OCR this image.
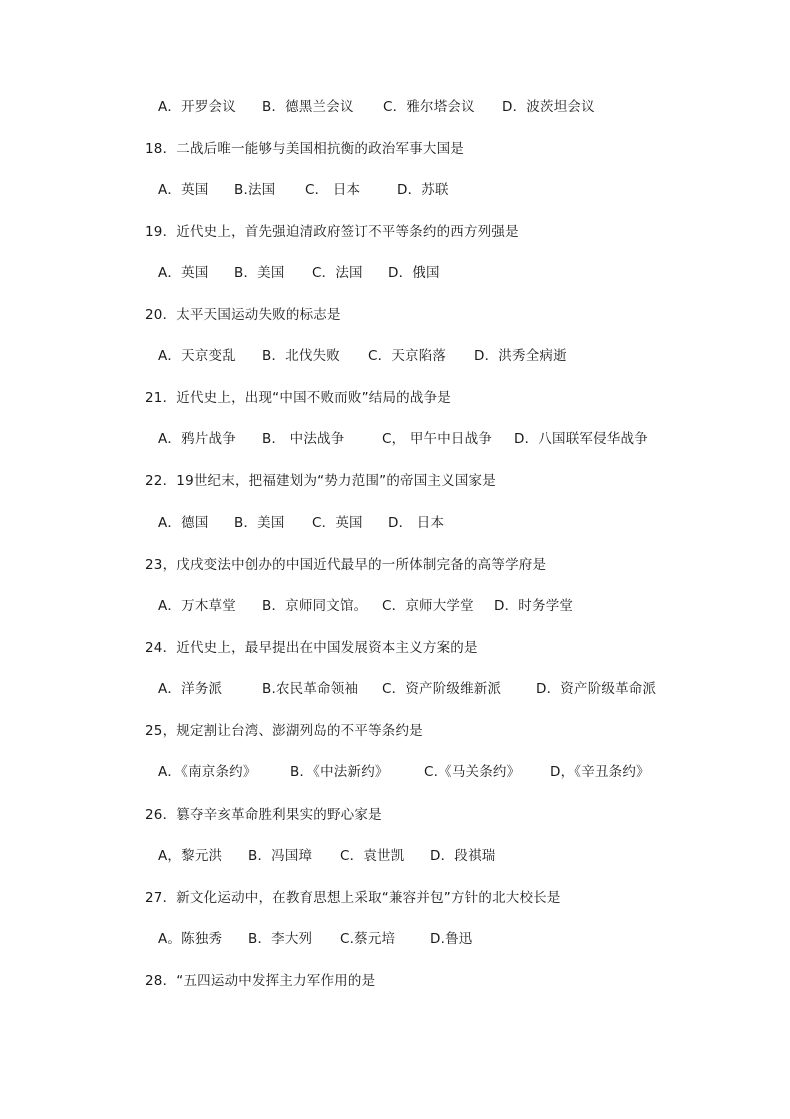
A．开罗会议 B．德黑兰会议 C．雅尔塔会议 D．波茨坦会议
18．二战后唯一能够与美国相抗衡的政治军事大国是
A．英国 B.法国 C． 日本	D．苏联
19．近代史上，首先强迫清政府签订不平等条约的西方列强是
A．英国 B．美国 C．法国 D．俄国
20．太平天国运动失败的标志是
A．天京变乱 B．北伐失败 C．天京陷落 D．洪秀全病逝
21．近代史上，出现“中国不败而败”结局的战争是
A．鸦片战争 B． 中法战争	C， 甲午中日战争 D．八国联军侵华战争
22．19世纪末，把福建划为“势力范围”的帝国主义国家是
A．德国 B．美国 C．英国 D． 日本
23，戊戌变法中创办的中国近代最早的一所体制完备的高等学府是
A．万木草堂 B．京师同文馆。 C．京师大学堂 D．时务学堂
24．近代史上，最早提出在中国发展资本主义方案的是
A．洋务派	B.农民革命领袖 C．资产阶级维新派	D．资产阶级革命派
25，规定割让台湾、澎湖列岛的不平等条约是
A．《南京条约》 B．《中法新约》	C.《马关条约》 D，《辛丑条约》
26．篡夺辛亥革命胜利果实的野心家是
A，黎元洪 B．冯国璋 C．袁世凯 D．段祺瑞
27．新文化运动中，在教育思想上采取“兼容并包”方针的北大校长是
A。陈独秀 B．李大列 C.蔡元培	D.鲁迅
28．“五四运动中发挥主力军作用的是
